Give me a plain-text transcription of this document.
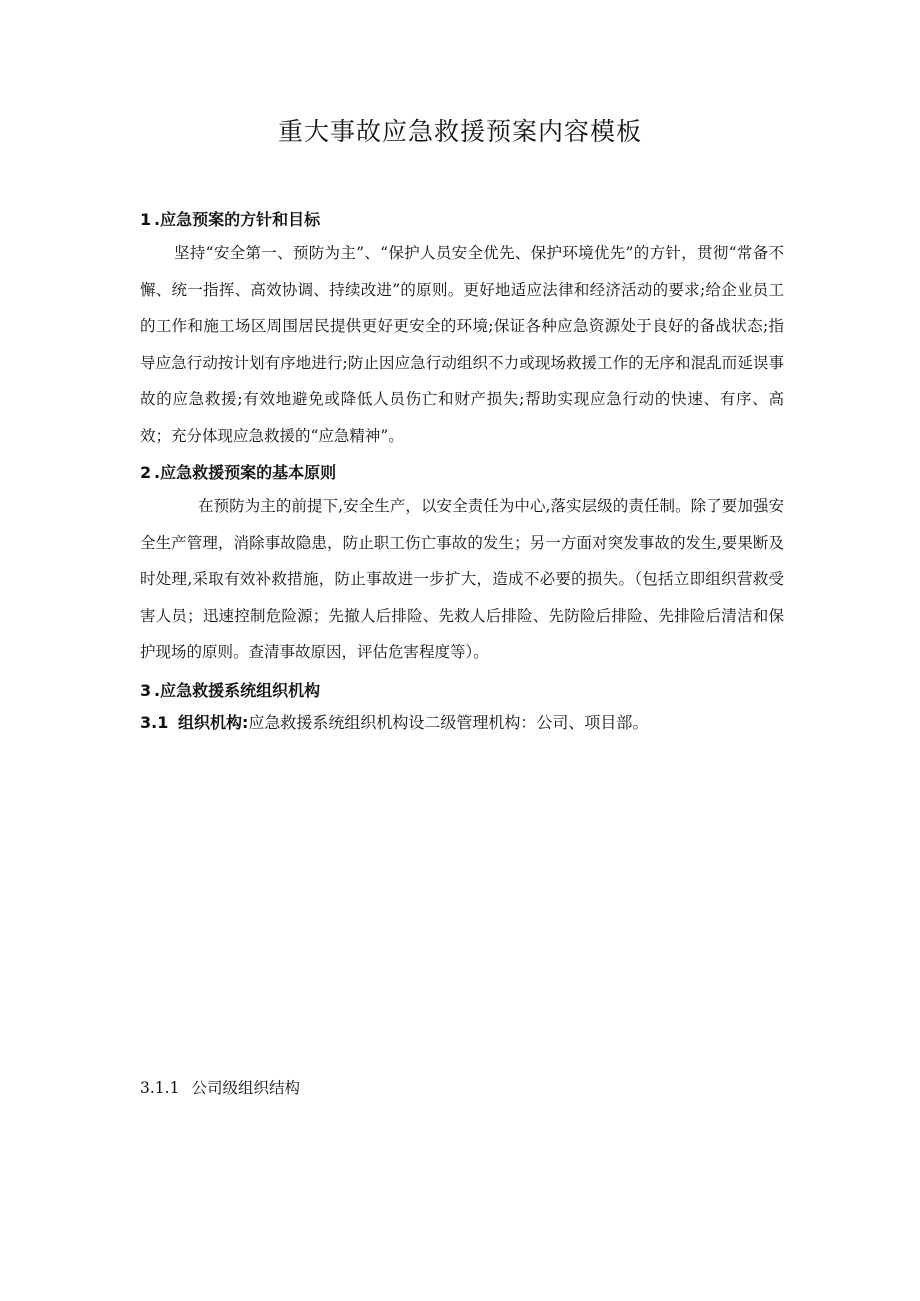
重大事故应急救援预案内容模板
1 .应急预案的方针和目标

坚持“安全第一、预防为主”、“保护人员安全优先、保护环境优先”的方针，贯彻“常备不懈、统一指挥、高效协调、持续改进”的原则。更好地适应法律和经济活动的要求;给企业员工的工作和施工场区周围居民提供更好更安全的环境;保证各种应急资源处于良好的备战状态;指导应急行动按计划有序地进行;防止因应急行动组织不力或现场救援工作的无序和混乱而延误事故的应急救援;有效地避免或降低人员伤亡和财产损失;帮助实现应急行动的快速、有序、高效；充分体现应急救援的“应急精神”。

2 .应急救援预案的基本原则

在预防为主的前提下,安全生产，以安全责任为中心,落实层级的责任制。除了要加强安全生产管理，消除事故隐患，防止职工伤亡事故的发生；另一方面对突发事故的发生,要果断及时处理,采取有效补救措施，防止事故进一步扩大，造成不必要的损失。（包括立即组织营救受害人员；迅速控制危险源；先撤人后排险、先救人后排险、先防险后排险、先排险后清洁和保护现场的原则。查清事故原因，评估危害程度等）。

3 .应急救援系统组织机构

3.1 组织机构:应急救援系统组织机构设二级管理机构：公司、项目部。

3.1.1 公司级组织结构
